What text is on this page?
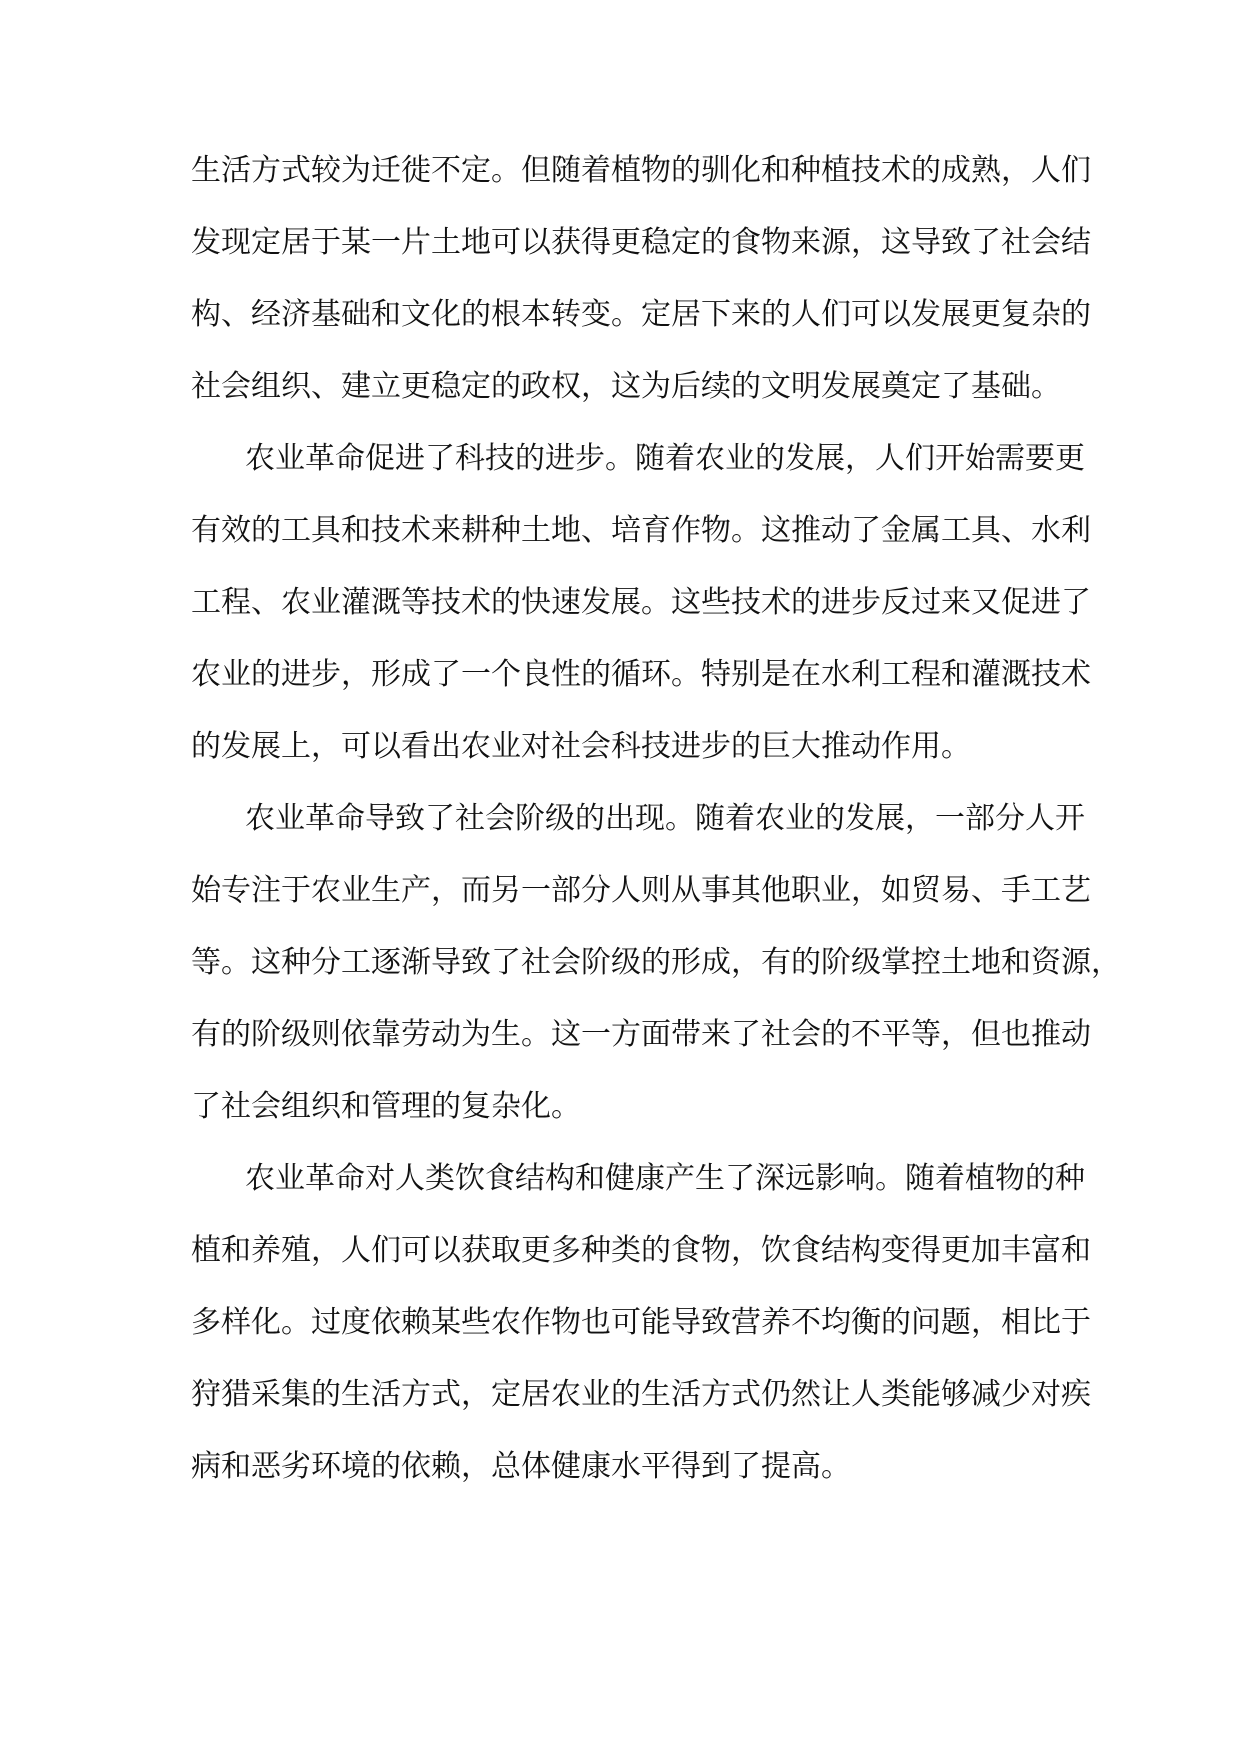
生活方式较为迁徙不定。但随着植物的驯化和种植技术的成熟，人们
发现定居于某一片土地可以获得更稳定的食物来源，这导致了社会结
构、经济基础和文化的根本转变。定居下来的人们可以发展更复杂的
社会组织、建立更稳定的政权，这为后续的文明发展奠定了基础。
农业革命促进了科技的进步。随着农业的发展，人们开始需要更
有效的工具和技术来耕种土地、培育作物。这推动了金属工具、水利
工程、农业灌溉等技术的快速发展。这些技术的进步反过来又促进了
农业的进步，形成了一个良性的循环。特别是在水利工程和灌溉技术
的发展上，可以看出农业对社会科技进步的巨大推动作用。
农业革命导致了社会阶级的出现。随着农业的发展，一部分人开
始专注于农业生产，而另一部分人则从事其他职业，如贸易、手工艺
等。这种分工逐渐导致了社会阶级的形成，有的阶级掌控土地和资源，
有的阶级则依靠劳动为生。这一方面带来了社会的不平等，但也推动
了社会组织和管理的复杂化。
农业革命对人类饮食结构和健康产生了深远影响。随着植物的种
植和养殖，人们可以获取更多种类的食物，饮食结构变得更加丰富和
多样化。过度依赖某些农作物也可能导致营养不均衡的问题，相比于
狩猎采集的生活方式，定居农业的生活方式仍然让人类能够减少对疾
病和恶劣环境的依赖，总体健康水平得到了提高。
